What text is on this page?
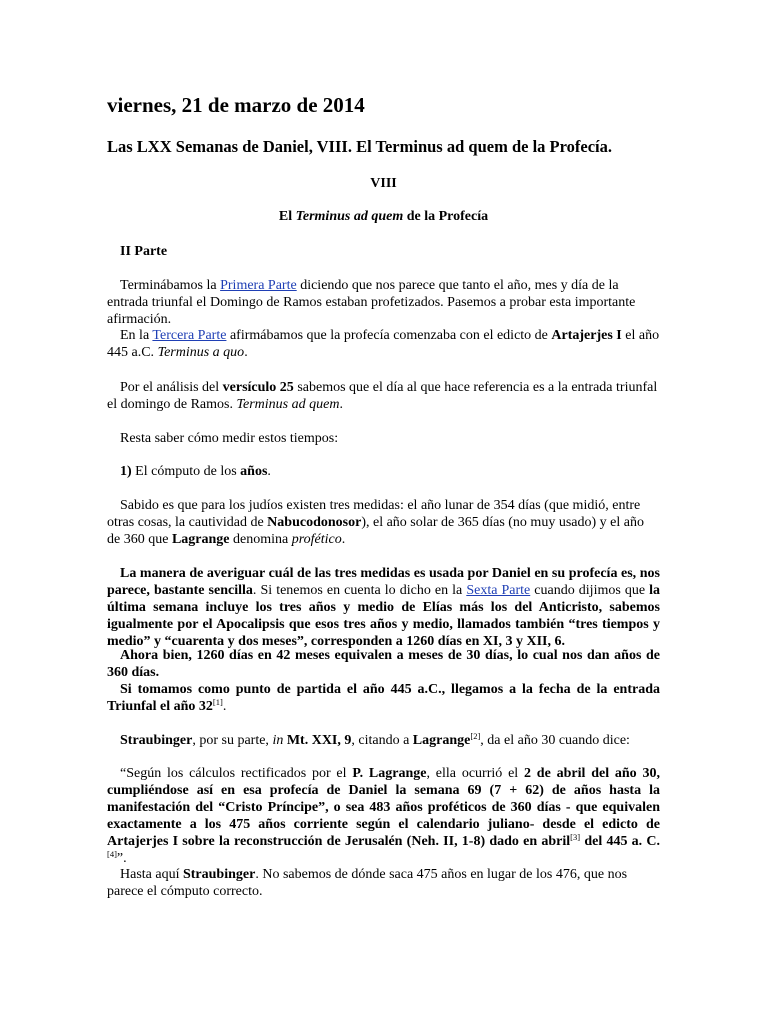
viernes, 21 de marzo de 2014
Las LXX Semanas de Daniel, VIII. El Terminus ad quem de la Profecía.
VIII
El Terminus ad quem de la Profecía
II Parte

Terminábamos la Primera Parte diciendo que nos parece que tanto el año, mes y día de la entrada triunfal el Domingo de Ramos estaban profetizados. Pasemos a probar esta importante afirmación.

En la Tercera Parte afirmábamos que la profecía comenzaba con el edicto de Artajerjes I el año 445 a.C. Terminus a quo.

Por el análisis del versículo 25 sabemos que el día al que hace referencia es a la entrada triunfal el domingo de Ramos. Terminus ad quem.

Resta saber cómo medir estos tiempos:

1) El cómputo de los años.

Sabido es que para los judíos existen tres medidas: el año lunar de 354 días (que midió, entre otras cosas, la cautividad de Nabucodonosor), el año solar de 365 días (no muy usado) y el año de 360 que Lagrange denomina profético.

La manera de averiguar cuál de las tres medidas es usada por Daniel en su profecía es, nos parece, bastante sencilla. Si tenemos en cuenta lo dicho en la Sexta Parte cuando dijimos que la última semana incluye los tres años y medio de Elías más los del Anticristo, sabemos igualmente por el Apocalipsis que esos tres años y medio, llamados también “tres tiempos y medio” y “cuarenta y dos meses”, corresponden a 1260 días en XI, 3 y XII, 6.

Ahora bien, 1260 días en 42 meses equivalen a meses de 30 días, lo cual nos dan años de 360 días.

Si tomamos como punto de partida el año 445 a.C., llegamos a la fecha de la entrada Triunfal el año 32[1].

Straubinger, por su parte, in Mt. XXI, 9, citando a Lagrange[2], da el año 30 cuando dice:

“Según los cálculos rectificados por el P. Lagrange, ella ocurrió el 2 de abril del año 30, cumpliéndose así en esa profecía de Daniel la semana 69 (7 + 62) de años hasta la manifestación del “Cristo Príncipe”, o sea 483 años proféticos de 360 días - que equivalen exactamente a los 475 años corriente según el calendario juliano- desde el edicto de Artajerjes I sobre la reconstrucción de Jerusalén (Neh. II, 1-8) dado en abril[3] del 445 a. C.[4]”.

Hasta aquí Straubinger. No sabemos de dónde saca 475 años en lugar de los 476, que nos parece el cómputo correcto.
